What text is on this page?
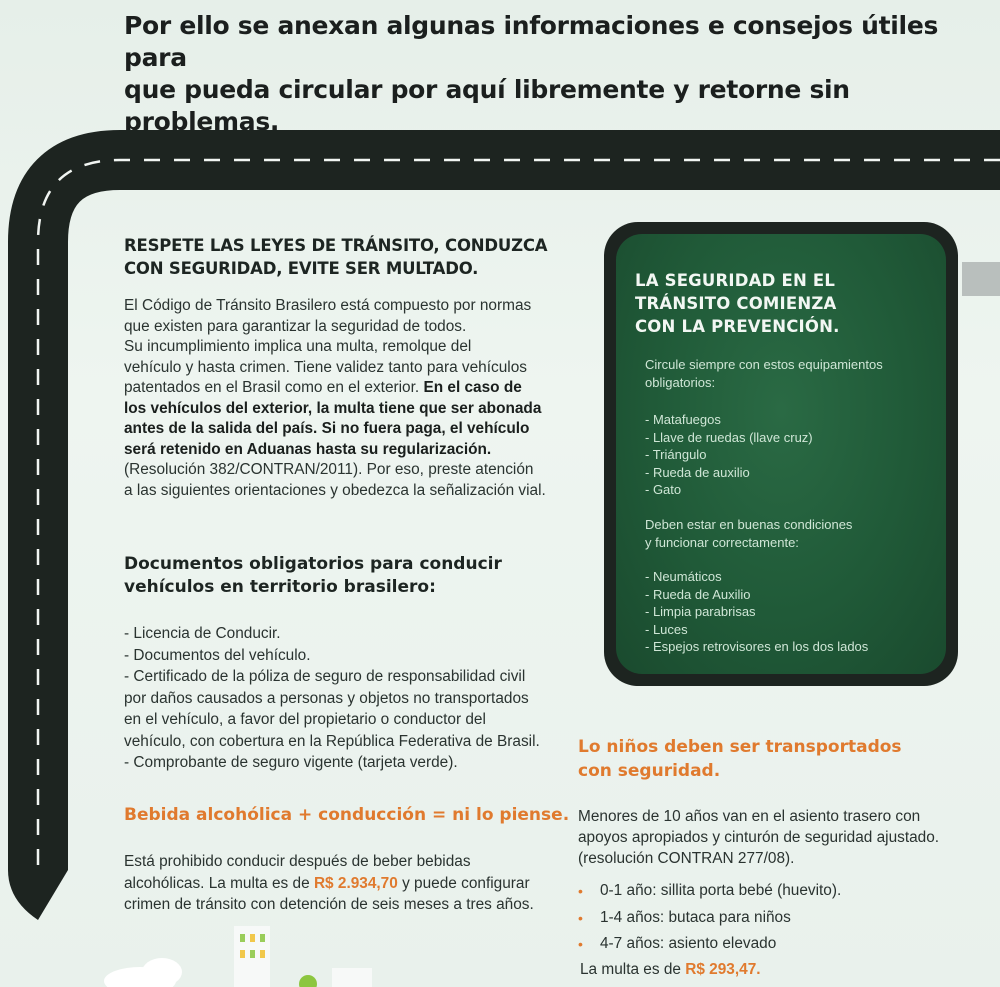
Por ello se anexan algunas informaciones e consejos útiles para
que pueda circular por aquí libremente y retorne sin problemas.
Sea bienvenido.
RESPETE LAS LEYES DE TRÁNSITO, CONDUZCA
CON SEGURIDAD, EVITE SER MULTADO.

El Código de Tránsito Brasilero está compuesto por normas
que existen para garantizar la seguridad de todos.
Su incumplimiento implica una multa, remolque del
vehículo y hasta crimen. Tiene validez tanto para vehículos
patentados en el Brasil como en el exterior. En el caso de
los vehículos del exterior, la multa tiene que ser abonada
antes de la salida del país. Si no fuera paga, el vehículo
será retenido en Aduanas hasta su regularización.
(Resolución 382/CONTRAN/2011). Por eso, preste atención
a las siguientes orientaciones y obedezca la señalización vial.

Documentos obligatorios para conducir
vehículos en territorio brasilero:
- Licencia de Conducir.
- Documentos del vehículo.
- Certificado de la póliza de seguro de responsabilidad civil
por daños causados a personas y objetos no transportados
en el vehículo, a favor del propietario o conductor del
vehículo, con cobertura en la República Federativa de Brasil.
- Comprobante de seguro vigente (tarjeta verde).
Bebida alcohólica + conducción = ni lo piense.

Está prohibido conducir después de beber bebidas
alcohólicas. La multa es de R$ 2.934,70 y puede configurar
crimen de tránsito con detención de seis meses a tres años.

LA SEGURIDAD EN EL
TRÁNSITO COMIENZA
CON LA PREVENCIÓN.
Circule siempre con estos equipamientos
obligatorios:
- Matafuegos
- Llave de ruedas (llave cruz)
- Triángulo
- Rueda de auxilio
- Gato
Deben estar en buenas condiciones
y funcionar correctamente:
- Neumáticos
- Rueda de Auxilio
- Limpia parabrisas
- Luces
- Espejos retrovisores en los dos lados
Lo niños deben ser transportados
con seguridad.
Menores de 10 años van en el asiento trasero con
apoyos apropiados y cinturón de seguridad ajustado.
(resolución CONTRAN 277/08).
• 0-1 año: sillita porta bebé (huevito).
• 1-4 años: butaca para niños
• 4-7 años: asiento elevado
La multa es de R$ 293,47.
